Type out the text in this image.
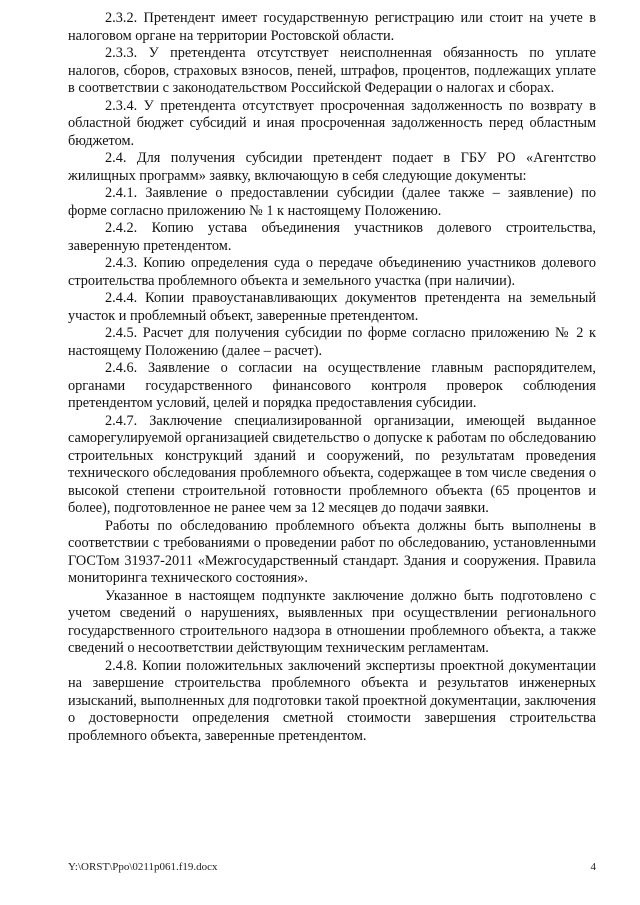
2.3.2. Претендент имеет государственную регистрацию или стоит на учете в налоговом органе на территории Ростовской области.

2.3.3. У претендента отсутствует неисполненная обязанность по уплате налогов, сборов, страховых взносов, пеней, штрафов, процентов, подлежащих уплате в соответствии с законодательством Российской Федерации о налогах и сборах.

2.3.4. У претендента отсутствует просроченная задолженность по возврату в областной бюджет субсидий и иная просроченная задолженность перед областным бюджетом.

2.4. Для получения субсидии претендент подает в ГБУ РО «Агентство жилищных программ» заявку, включающую в себя следующие документы:

2.4.1. Заявление о предоставлении субсидии (далее также – заявление) по форме согласно приложению № 1 к настоящему Положению.

2.4.2. Копию устава объединения участников долевого строительства, заверенную претендентом.

2.4.3. Копию определения суда о передаче объединению участников долевого строительства проблемного объекта и земельного участка (при наличии).

2.4.4. Копии правоустанавливающих документов претендента на земельный участок и проблемный объект, заверенные претендентом.

2.4.5. Расчет для получения субсидии по форме согласно приложению № 2 к настоящему Положению (далее – расчет).

2.4.6. Заявление о согласии на осуществление главным распорядителем, органами государственного финансового контроля проверок соблюдения претендентом условий, целей и порядка предоставления субсидии.

2.4.7. Заключение специализированной организации, имеющей выданное саморегулируемой организацией свидетельство о допуске к работам по обследованию строительных конструкций зданий и сооружений, по результатам проведения технического обследования проблемного объекта, содержащее в том числе сведения о высокой степени строительной готовности проблемного объекта (65 процентов и более), подготовленное не ранее чем за 12 месяцев до подачи заявки.

Работы по обследованию проблемного объекта должны быть выполнены в соответствии с требованиями о проведении работ по обследованию, установленными ГОСТом 31937-2011 «Межгосударственный стандарт. Здания и сооружения. Правила мониторинга технического состояния».

Указанное в настоящем подпункте заключение должно быть подготовлено с учетом сведений о нарушениях, выявленных при осуществлении регионального государственного строительного надзора в отношении проблемного объекта, а также сведений о несоответствии действующим техническим регламентам.

2.4.8. Копии положительных заключений экспертизы проектной документации на завершение строительства проблемного объекта и результатов инженерных изысканий, выполненных для подготовки такой проектной документации, заключения о достоверности определения сметной стоимости завершения строительства проблемного объекта, заверенные претендентом.

Y:\ORST\Ppo\0211p061.f19.docx	4
